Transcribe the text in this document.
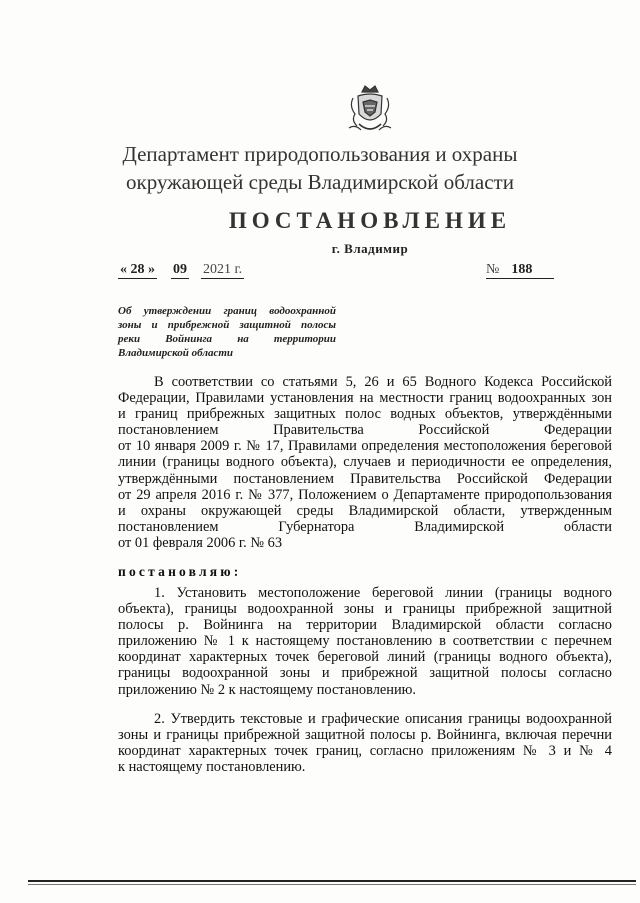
Департамент природопользования и охраны
окружающей среды Владимирской области
ПОСТАНОВЛЕНИЕ
г. Владимир
« 28 » 09 2021 г.	№ 188
Об утверждении границ водоохранной
зоны и прибрежной защитной полосы
реки Войнинга на территории
Владимирской области
В соответствии со статьями 5, 26 и 65 Водного Кодекса Российской
Федерации, Правилами установления на местности границ водоохранных зон
и границ прибрежных защитных полос водных объектов, утверждёнными
постановлением Правительства Российской Федерации
от 10 января 2009 г. № 17, Правилами определения местоположения береговой
линии (границы водного объекта), случаев и периодичности ее определения,
утверждёнными постановлением Правительства Российской Федерации
от 29 апреля 2016 г. № 377, Положением о Департаменте природопользования
и охраны окружающей среды Владимирской области, утвержденным
постановлением Губернатора Владимирской области
от 01 февраля 2006 г. № 63
постановляю:
1. Установить местоположение береговой линии (границы водного
объекта), границы водоохранной зоны и границы прибрежной защитной
полосы р. Войнинга на территории Владимирской области согласно
приложению № 1 к настоящему постановлению в соответствии с перечнем
координат характерных точек береговой линий (границы водного объекта),
границы водоохранной зоны и прибрежной защитной полосы согласно
приложению № 2 к настоящему постановлению.
2. Утвердить текстовые и графические описания границы водоохранной
зоны и границы прибрежной защитной полосы р. Войнинга, включая перечни
координат характерных точек границ, согласно приложениям № 3 и № 4
к настоящему постановлению.
